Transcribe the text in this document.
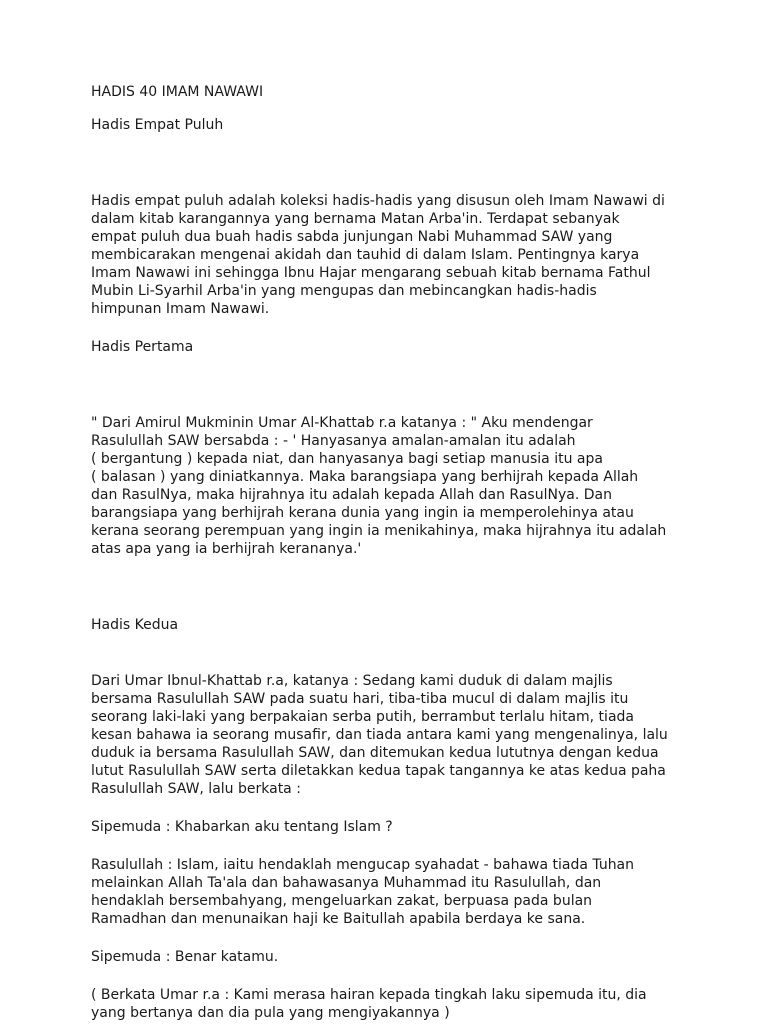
HADIS 40 IMAM NAWAWI
Hadis Empat Puluh
Hadis empat puluh adalah koleksi hadis-hadis yang disusun oleh Imam Nawawi di
dalam kitab karangannya yang bernama Matan Arba'in. Terdapat sebanyak
empat puluh dua buah hadis sabda junjungan Nabi Muhammad SAW yang
membicarakan mengenai akidah dan tauhid di dalam Islam. Pentingnya karya
Imam Nawawi ini sehingga Ibnu Hajar mengarang sebuah kitab bernama Fathul
Mubin Li-Syarhil Arba'in yang mengupas dan mebincangkan hadis-hadis
himpunan Imam Nawawi.
Hadis Pertama
" Dari Amirul Mukminin Umar Al-Khattab r.a katanya : " Aku mendengar
Rasulullah SAW bersabda : - ' Hanyasanya amalan-amalan itu adalah
( bergantung ) kepada niat, dan hanyasanya bagi setiap manusia itu apa
( balasan ) yang diniatkannya. Maka barangsiapa yang berhijrah kepada Allah
dan RasulNya, maka hijrahnya itu adalah kepada Allah dan RasulNya. Dan
barangsiapa yang berhijrah kerana dunia yang ingin ia memperolehinya atau
kerana seorang perempuan yang ingin ia menikahinya, maka hijrahnya itu adalah
atas apa yang ia berhijrah kerananya.'
Hadis Kedua
Dari Umar Ibnul-Khattab r.a, katanya : Sedang kami duduk di dalam majlis
bersama Rasulullah SAW pada suatu hari, tiba-tiba mucul di dalam majlis itu
seorang laki-laki yang berpakaian serba putih, berrambut terlalu hitam, tiada
kesan bahawa ia seorang musafir, dan tiada antara kami yang mengenalinya, lalu
duduk ia bersama Rasulullah SAW, dan ditemukan kedua lututnya dengan kedua
lutut Rasulullah SAW serta diletakkan kedua tapak tangannya ke atas kedua paha
Rasulullah SAW, lalu berkata :
Sipemuda : Khabarkan aku tentang Islam ?
Rasulullah : Islam, iaitu hendaklah mengucap syahadat - bahawa tiada Tuhan
melainkan Allah Ta'ala dan bahawasanya Muhammad itu Rasulullah, dan
hendaklah bersembahyang, mengeluarkan zakat, berpuasa pada bulan
Ramadhan dan menunaikan haji ke Baitullah apabila berdaya ke sana.
Sipemuda : Benar katamu.
( Berkata Umar r.a : Kami merasa hairan kepada tingkah laku sipemuda itu, dia
yang bertanya dan dia pula yang mengiyakannya )
